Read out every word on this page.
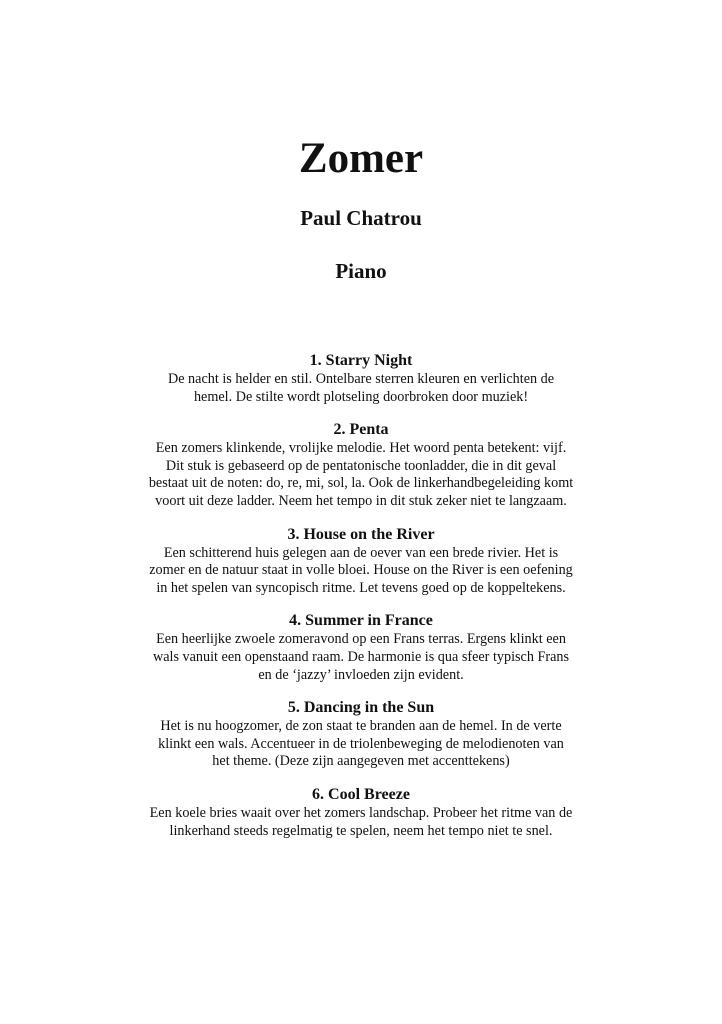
Zomer
Paul Chatrou
Piano
1. Starry Night
De nacht is helder en stil. Ontelbare sterren kleuren en verlichten de
hemel. De stilte wordt plotseling doorbroken door muziek!
2. Penta
Een zomers klinkende, vrolijke melodie. Het woord penta betekent: vijf.
Dit stuk is gebaseerd op de pentatonische toonladder, die in dit geval
bestaat uit de noten: do, re, mi, sol, la. Ook de linkerhandbegeleiding komt
voort uit deze ladder. Neem het tempo in dit stuk zeker niet te langzaam.
3. House on the River
Een schitterend huis gelegen aan de oever van een brede rivier. Het is
zomer en de natuur staat in volle bloei. House on the River is een oefening
in het spelen van syncopisch ritme. Let tevens goed op de koppeltekens.
4. Summer in France
Een heerlijke zwoele zomeravond op een Frans terras. Ergens klinkt een
wals vanuit een openstaand raam. De harmonie is qua sfeer typisch Frans
en de ‘jazzy’ invloeden zijn evident.
5. Dancing in the Sun
Het is nu hoogzomer, de zon staat te branden aan de hemel. In de verte
klinkt een wals. Accentueer in de triolenbeweging de melodienoten van
het theme. (Deze zijn aangegeven met accenttekens)
6. Cool Breeze
Een koele bries waait over het zomers landschap. Probeer het ritme van de
linkerhand steeds regelmatig te spelen, neem het tempo niet te snel.
